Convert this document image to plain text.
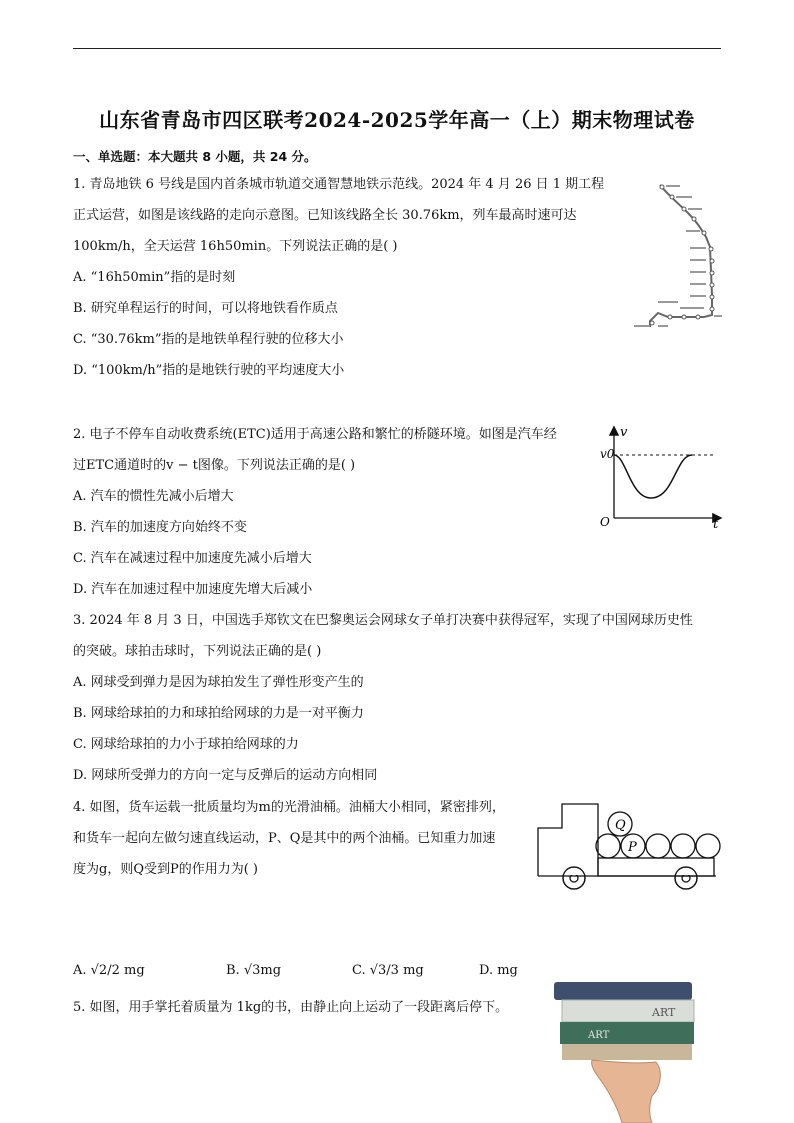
山东省青岛市四区联考2024-2025学年高一（上）期末物理试卷
一、单选题：本大题共 8 小题，共 24 分。
1. 青岛地铁 6 号线是国内首条城市轨道交通智慧地铁示范线。2024 年 4 月 26 日 1 期工程
正式运营，如图是该线路的走向示意图。已知该线路全长 30.76km，列车最高时速可达
100km/h，全天运营 16h50min。下列说法正确的是( )
A. “16h50min”指的是时刻
B. 研究单程运行的时间，可以将地铁看作质点
C. “30.76km”指的是地铁单程行驶的位移大小
D. “100km/h”指的是地铁行驶的平均速度大小
2. 电子不停车自动收费系统(ETC)适用于高速公路和繁忙的桥隧环境。如图是汽车经
过ETC通道时的v − t图像。下列说法正确的是( )
A. 汽车的惯性先减小后增大
B. 汽车的加速度方向始终不变
C. 汽车在减速过程中加速度先减小后增大
D. 汽车在加速过程中加速度先增大后减小
v
v0
O	t
3. 2024 年 8 月 3 日，中国选手郑钦文在巴黎奥运会网球女子单打决赛中获得冠军，实现了中国网球历史性
的突破。球拍击球时，下列说法正确的是( )
A. 网球受到弹力是因为球拍发生了弹性形变产生的
B. 网球给球拍的力和球拍给网球的力是一对平衡力
C. 网球给球拍的力小于球拍给网球的力
D. 网球所受弹力的方向一定与反弹后的运动方向相同
4. 如图，货车运载一批质量均为m的光滑油桶。油桶大小相同，紧密排列，
和货车一起向左做匀速直线运动，P、Q是其中的两个油桶。已知重力加速
度为g，则Q受到P的作用力为( )
Q
P
A. √2/2 mg	B. √3mg	C. √3/3 mg	D. mg
5. 如图，用手掌托着质量为 1kg的书，由静止向上运动了一段距离后停下。	ART
ART
